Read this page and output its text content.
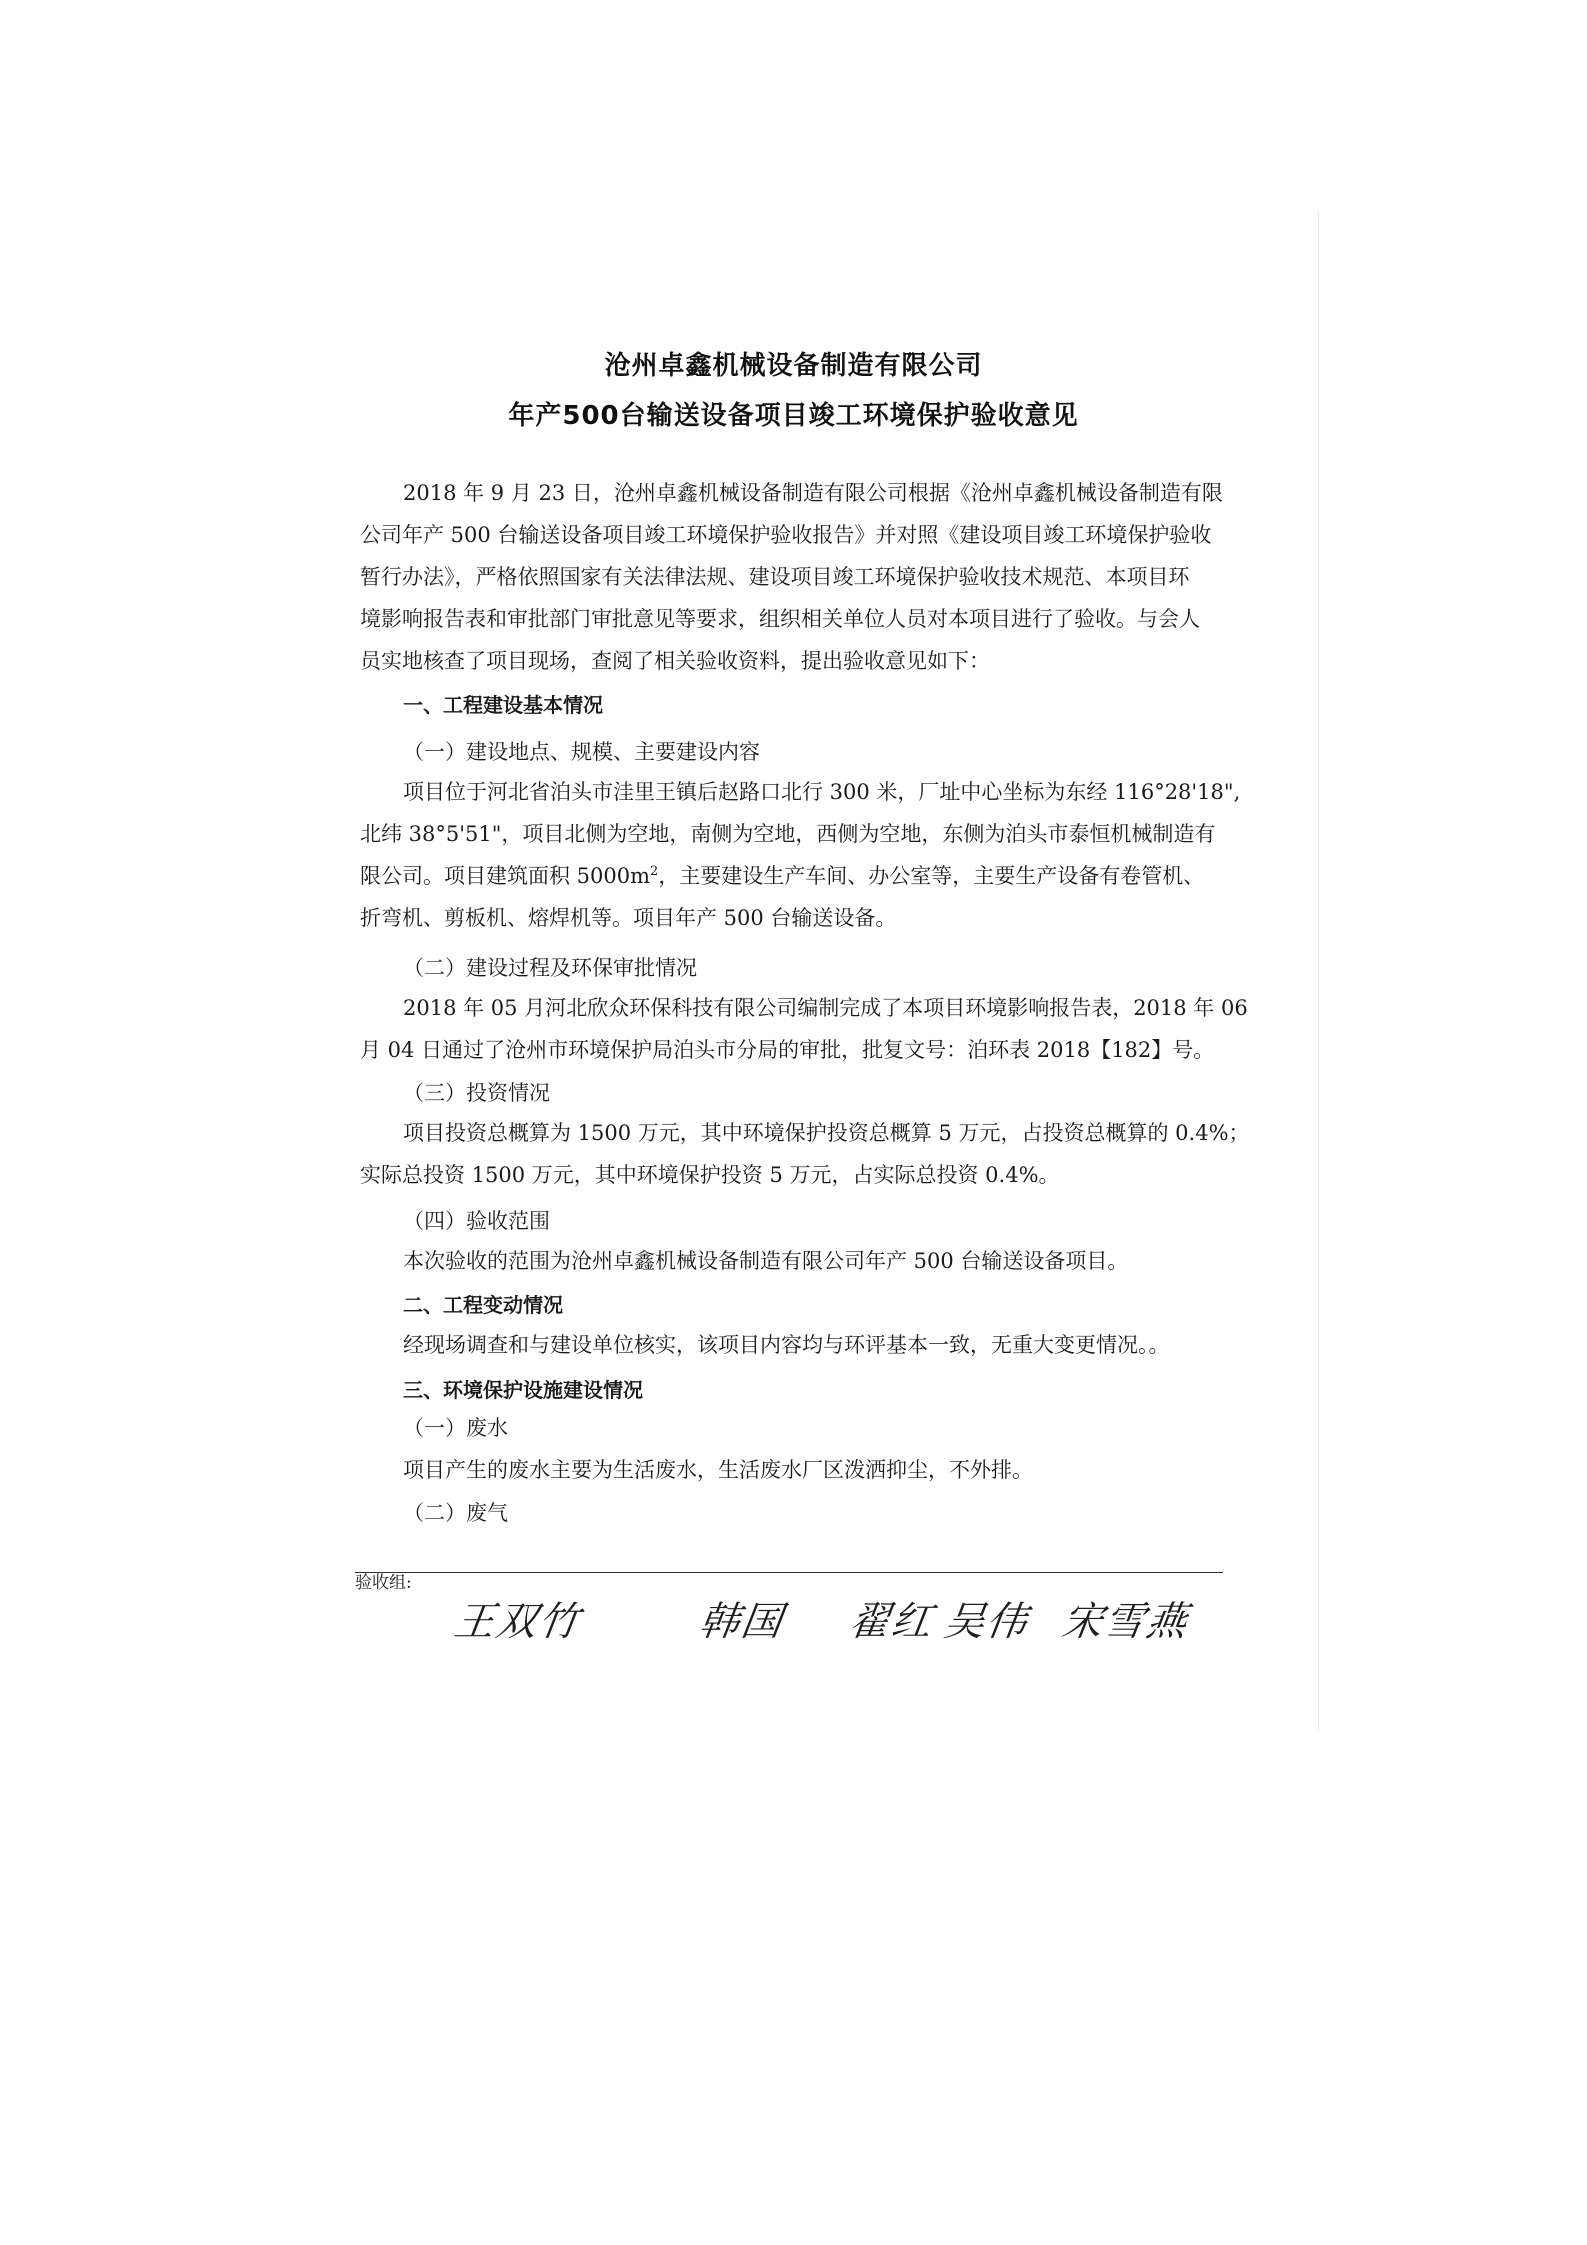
沧州卓鑫机械设备制造有限公司
年产500台输送设备项目竣工环境保护验收意见
2018 年 9 月 23 日，沧州卓鑫机械设备制造有限公司根据《沧州卓鑫机械设备制造有限
公司年产 500 台输送设备项目竣工环境保护验收报告》并对照《建设项目竣工环境保护验收
暂行办法》，严格依照国家有关法律法规、建设项目竣工环境保护验收技术规范、本项目环
境影响报告表和审批部门审批意见等要求，组织相关单位人员对本项目进行了验收。与会人
员实地核查了项目现场，查阅了相关验收资料，提出验收意见如下：
一、工程建设基本情况
（一）建设地点、规模、主要建设内容
项目位于河北省泊头市洼里王镇后赵路口北行 300 米，厂址中心坐标为东经 116°28'18",
北纬 38°5'51"，项目北侧为空地，南侧为空地，西侧为空地，东侧为泊头市泰恒机械制造有
限公司。项目建筑面积 $5000m^2$，主要建设生产车间、办公室等，主要生产设备有卷管机、
折弯机、剪板机、熔焊机等。项目年产 500 台输送设备。
（二）建设过程及环保审批情况
2018 年 05 月河北欣众环保科技有限公司编制完成了本项目环境影响报告表，2018 年 06
月 04 日通过了沧州市环境保护局泊头市分局的审批，批复文号：泊环表 2018【182】号。
（三）投资情况
项目投资总概算为 1500 万元，其中环境保护投资总概算 5 万元，占投资总概算的 0.4%；
实际总投资 1500 万元，其中环境保护投资 5 万元，占实际总投资 0.4%。
（四）验收范围
本次验收的范围为沧州卓鑫机械设备制造有限公司年产 500 台输送设备项目。
二、工程变动情况
经现场调查和与建设单位核实，该项目内容均与环评基本一致，无重大变更情况。。
三、环境保护设施建设情况
（一）废水
项目产生的废水主要为生活废水，生活废水厂区泼洒抑尘，不外排。
（二）废气
验收组:
王双竹	韩国 翟红 吴伟 宋雪燕
